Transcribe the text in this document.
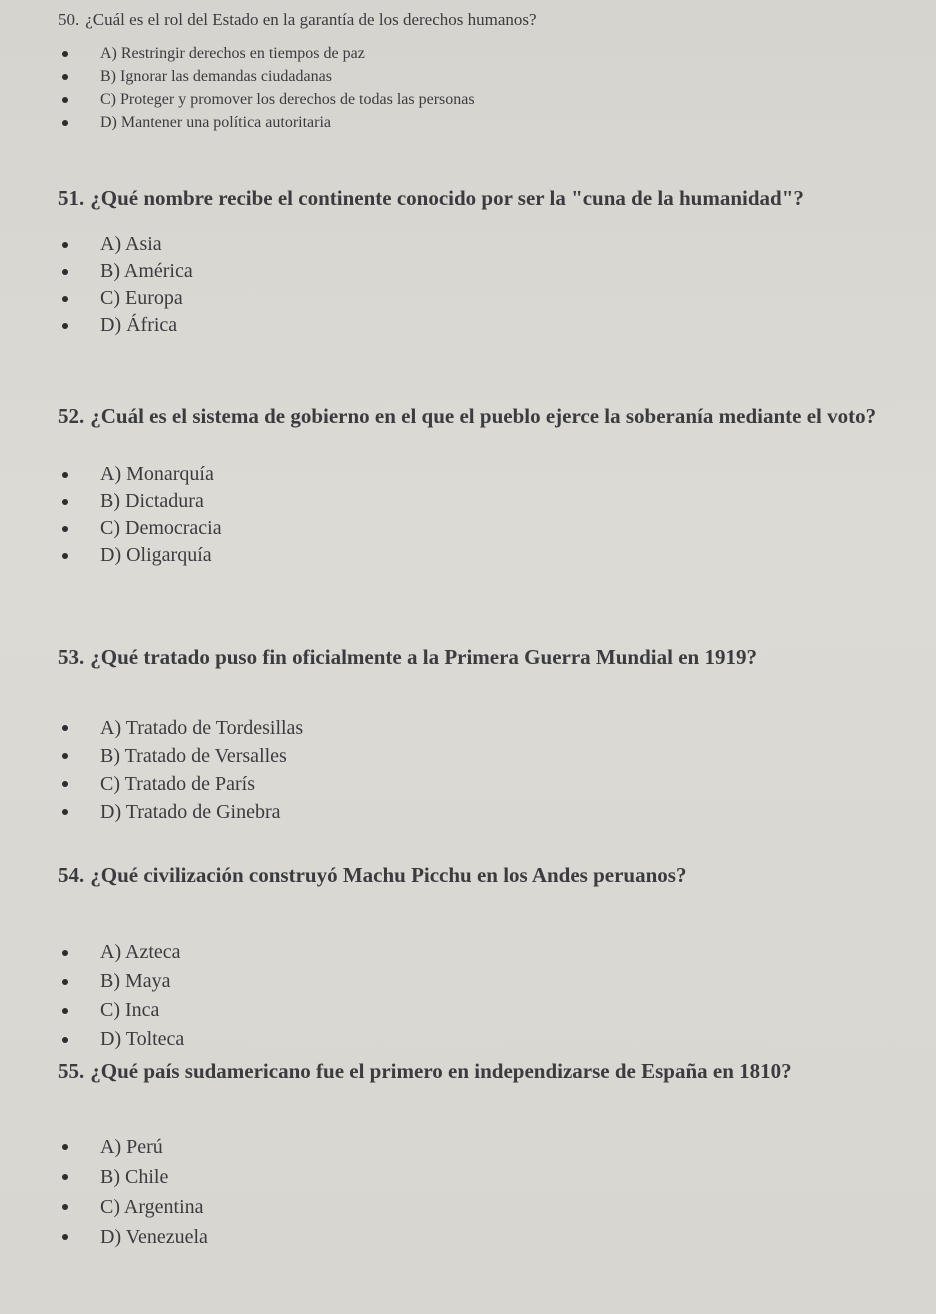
50. ¿Cuál es el rol del Estado en la garantía de los derechos humanos?

A) Restringir derechos en tiempos de paz
B) Ignorar las demandas ciudadanas
C) Proteger y promover los derechos de todas las personas
D) Mantener una política autoritaria

51. ¿Qué nombre recibe el continente conocido por ser la "cuna de la humanidad"?

A) Asia
B) América
C) Europa
D) África

52. ¿Cuál es el sistema de gobierno en el que el pueblo ejerce la soberanía mediante el voto?

A) Monarquía
B) Dictadura
C) Democracia
D) Oligarquía

53. ¿Qué tratado puso fin oficialmente a la Primera Guerra Mundial en 1919?

A) Tratado de Tordesillas
B) Tratado de Versalles
C) Tratado de París
D) Tratado de Ginebra

54. ¿Qué civilización construyó Machu Picchu en los Andes peruanos?

A) Azteca
B) Maya
C) Inca
D) Tolteca

55. ¿Qué país sudamericano fue el primero en independizarse de España en 1810?

A) Perú
B) Chile
C) Argentina
D) Venezuela
